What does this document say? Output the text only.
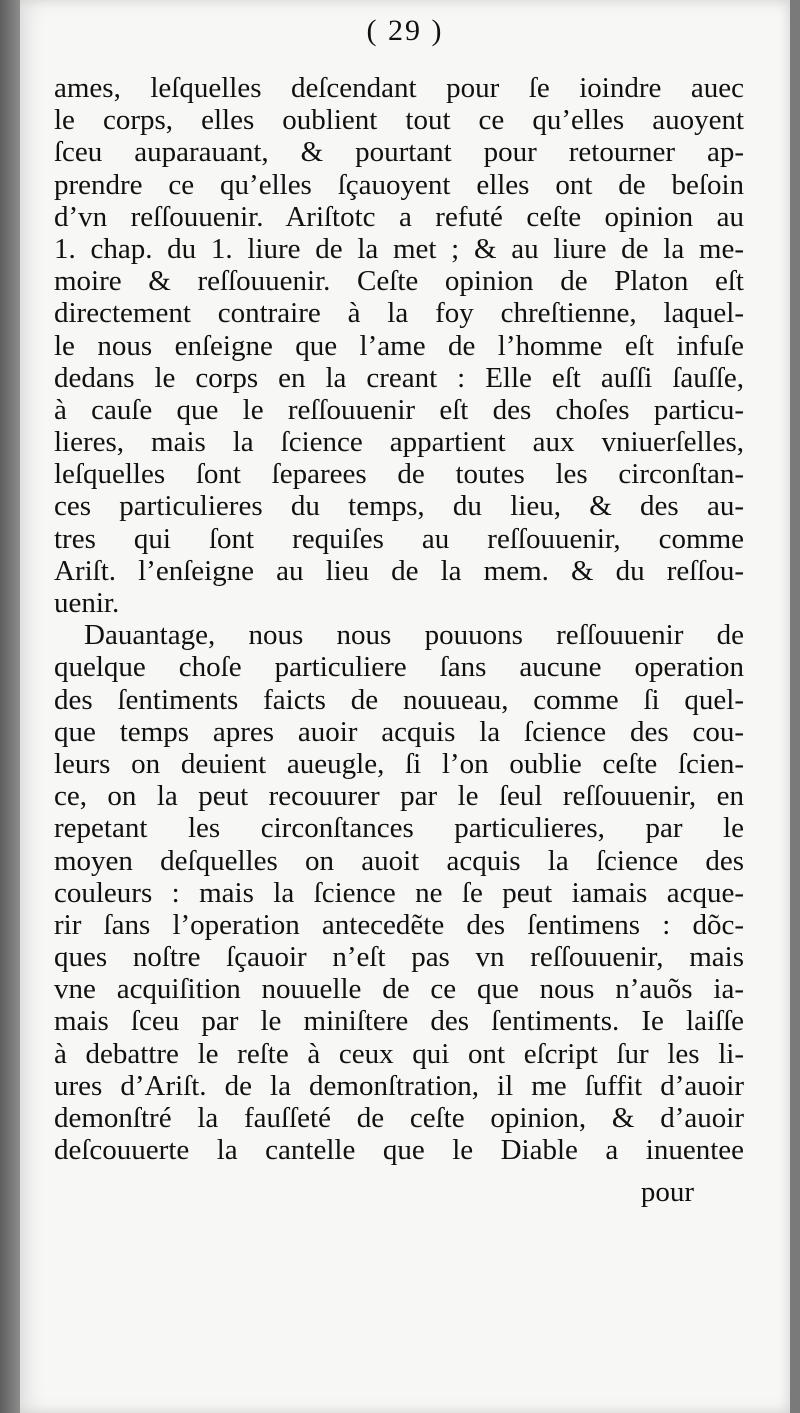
( 29 )
ames, leſquelles deſcendant pour ſe ioindre auec
le corps, elles oublient tout ce qu’elles auoyent
ſceu auparauant, & pourtant pour retourner ap-
prendre ce qu’elles ſçauoyent elles ont de beſoin
d’vn reſſouuenir. Ariſtotc a refuté ceſte opinion au
1. chap. du 1. liure de la met ; & au liure de la me-
moire & reſſouuenir. Ceſte opinion de Platon eſt
directement contraire à la foy chreſtienne, laquel-
le nous enſeigne que l’ame de l’homme eſt infuſe
dedans le corps en la creant : Elle eſt auſſi ſauſſe,
à cauſe que le reſſouuenir eſt des choſes particu-
lieres, mais la ſcience appartient aux vniuerſelles,
leſquelles ſont ſeparees de toutes les circonſtan-
ces particulieres du temps, du lieu, & des au-
tres qui ſont requiſes au reſſouuenir, comme
Ariſt. l’enſeigne au lieu de la mem. & du reſſou-
uenir.
Dauantage, nous nous pouuons reſſouuenir de
quelque choſe particuliere ſans aucune operation
des ſentiments faicts de nouueau, comme ſi quel-
que temps apres auoir acquis la ſcience des cou-
leurs on deuient aueugle, ſi l’on oublie ceſte ſcien-
ce, on la peut recouurer par le ſeul reſſouuenir, en
repetant les circonſtances particulieres, par le
moyen deſquelles on auoit acquis la ſcience des
couleurs : mais la ſcience ne ſe peut iamais acque-
rir ſans l’operation antecedẽte des ſentimens : dõc-
ques noſtre ſçauoir n’eſt pas vn reſſouuenir, mais
vne acquiſition nouuelle de ce que nous n’auõs ia-
mais ſceu par le miniſtere des ſentiments. Ie laiſſe
à debattre le reſte à ceux qui ont eſcript ſur les li-
ures d’Ariſt. de la demonſtration, il me ſuffit d’auoir
demonſtré la fauſſeté de ceſte opinion, & d’auoir
deſcouuerte la cantelle que le Diable a inuentee
pour
